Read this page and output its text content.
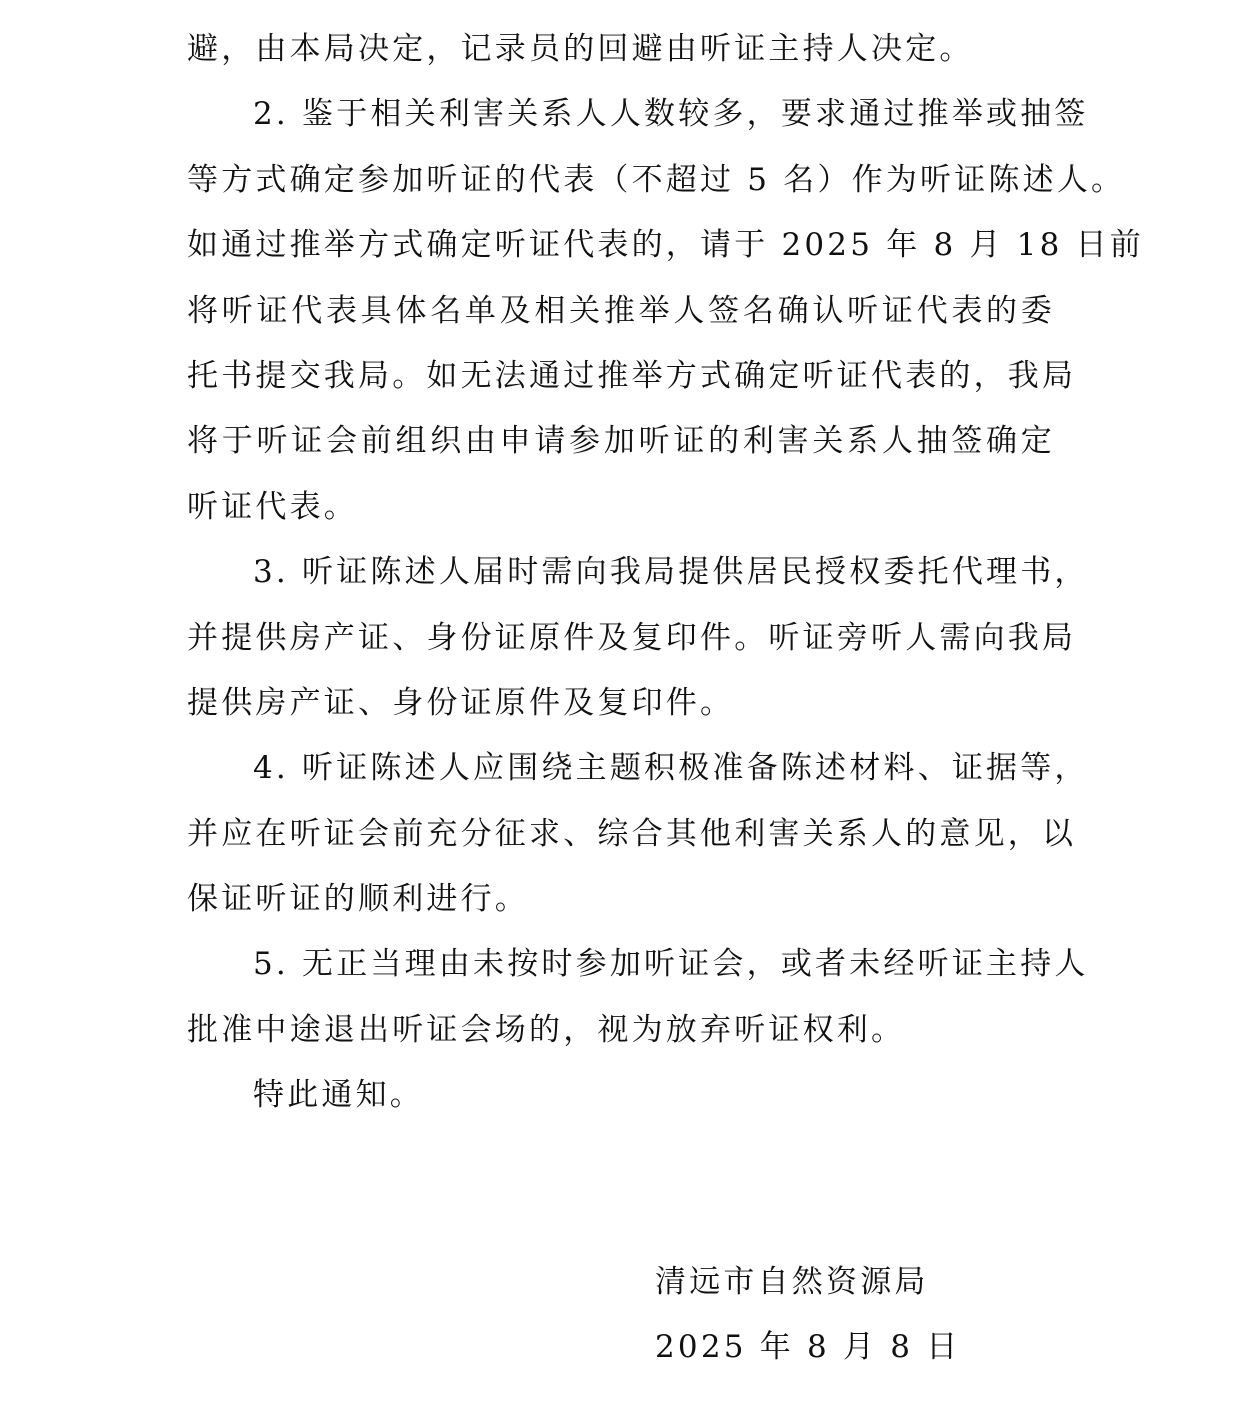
避，由本局决定，记录员的回避由听证主持人决定。
2. 鉴于相关利害关系人人数较多，要求通过推举或抽签
等方式确定参加听证的代表（不超过 5 名）作为听证陈述人。
如通过推举方式确定听证代表的，请于 2025 年 8 月 18 日前
将听证代表具体名单及相关推举人签名确认听证代表的委
托书提交我局。如无法通过推举方式确定听证代表的，我局
将于听证会前组织由申请参加听证的利害关系人抽签确定
听证代表。
3. 听证陈述人届时需向我局提供居民授权委托代理书，
并提供房产证、身份证原件及复印件。听证旁听人需向我局
提供房产证、身份证原件及复印件。
4. 听证陈述人应围绕主题积极准备陈述材料、证据等，
并应在听证会前充分征求、综合其他利害关系人的意见，以
保证听证的顺利进行。
5. 无正当理由未按时参加听证会，或者未经听证主持人
批准中途退出听证会场的，视为放弃听证权利。
特此通知。
清远市自然资源局
2025 年 8 月 8 日
